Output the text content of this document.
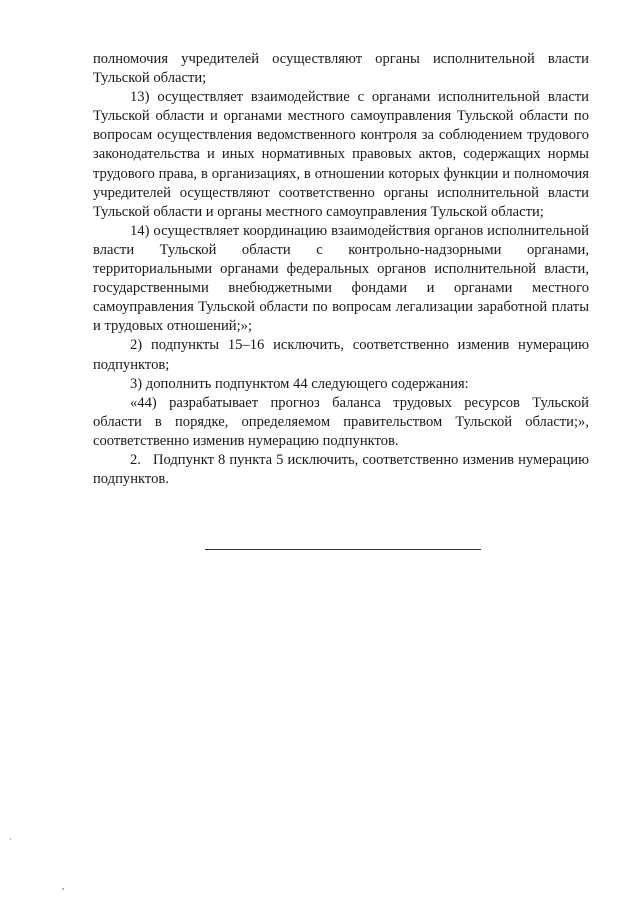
полномочия учредителей осуществляют органы исполнительной власти Тульской области;

13) осуществляет взаимодействие с органами исполнительной власти Тульской области и органами местного самоуправления Тульской области по вопросам осуществления ведомственного контроля за соблюдением трудового законодательства и иных нормативных правовых актов, содержащих нормы трудового права, в организациях, в отношении которых функции и полномочия учредителей осуществляют соответственно органы исполнительной власти Тульской области и органы местного самоуправления Тульской области;

14) осуществляет координацию взаимодействия органов исполнительной власти Тульской области с контрольно-надзорными органами, территориальными органами федеральных органов исполнительной власти, государственными внебюджетными фондами и органами местного самоуправления Тульской области по вопросам легализации заработной платы и трудовых отношений;»;

2) подпункты 15–16 исключить, соответственно изменив нумерацию подпунктов;

3) дополнить подпунктом 44 следующего содержания:

«44) разрабатывает прогноз баланса трудовых ресурсов Тульской области в порядке, определяемом правительством Тульской области;», соответственно изменив нумерацию подпунктов.

2.   Подпункт 8 пункта 5 исключить, соответственно изменив нумерацию подпунктов.
